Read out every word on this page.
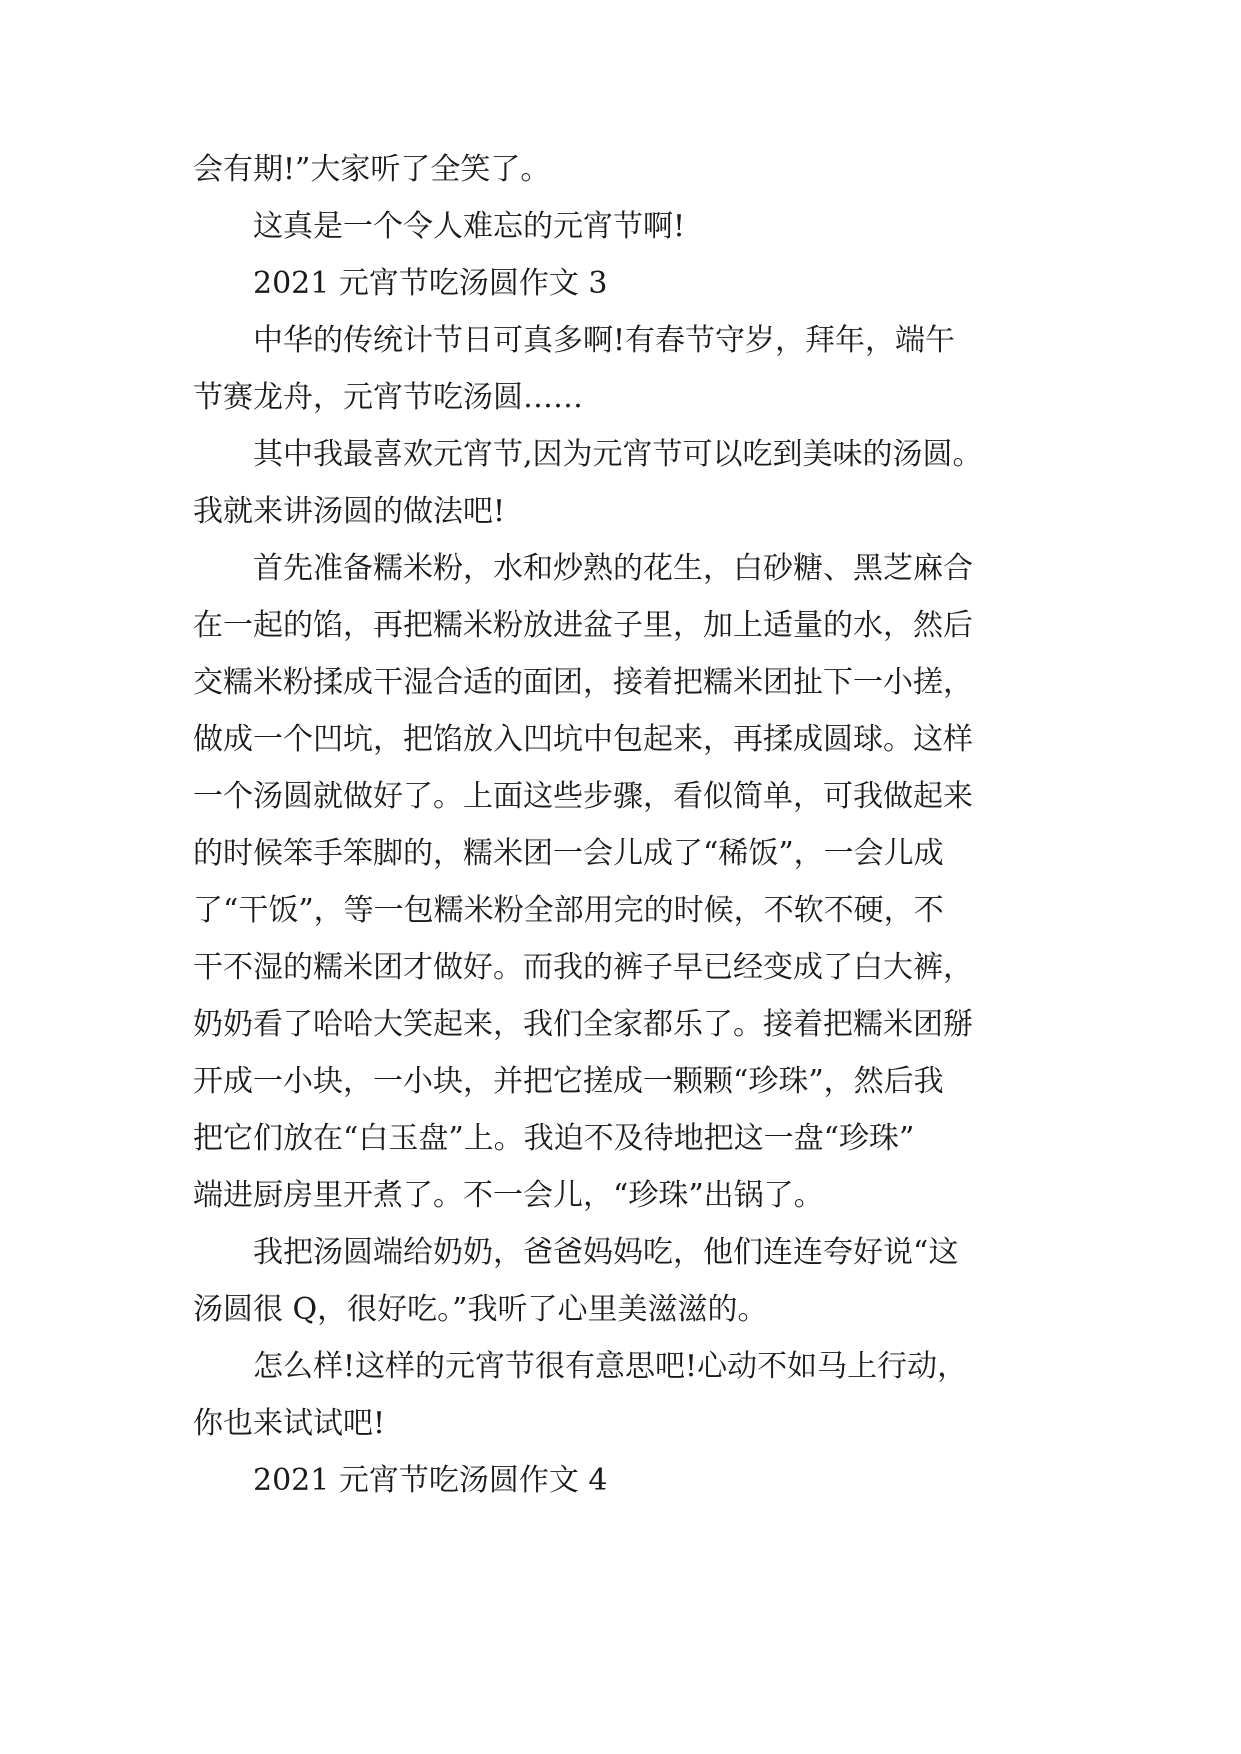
会有期!”大家听了全笑了。
这真是一个令人难忘的元宵节啊!
2021 元宵节吃汤圆作文 3
中华的传统计节日可真多啊!有春节守岁，拜年，端午
节赛龙舟，元宵节吃汤圆……
其中我最喜欢元宵节,因为元宵节可以吃到美味的汤圆。
我就来讲汤圆的做法吧!
首先准备糯米粉，水和炒熟的花生，白砂糖、黑芝麻合
在一起的馅，再把糯米粉放进盆子里，加上适量的水，然后
交糯米粉揉成干湿合适的面团，接着把糯米团扯下一小搓，
做成一个凹坑，把馅放入凹坑中包起来，再揉成圆球。这样
一个汤圆就做好了。上面这些步骤，看似简单，可我做起来
的时候笨手笨脚的，糯米团一会儿成了“稀饭”，一会儿成
了“干饭”，等一包糯米粉全部用完的时候，不软不硬，不
干不湿的糯米团才做好。而我的裤子早已经变成了白大裤，
奶奶看了哈哈大笑起来，我们全家都乐了。接着把糯米团掰
开成一小块，一小块，并把它搓成一颗颗“珍珠”，然后我
把它们放在“白玉盘”上。我迫不及待地把这一盘“珍珠”
端进厨房里开煮了。不一会儿，“珍珠”出锅了。
我把汤圆端给奶奶，爸爸妈妈吃，他们连连夸好说“这
汤圆很 Q，很好吃。”我听了心里美滋滋的。
怎么样!这样的元宵节很有意思吧!心动不如马上行动，
你也来试试吧!
2021 元宵节吃汤圆作文 4
